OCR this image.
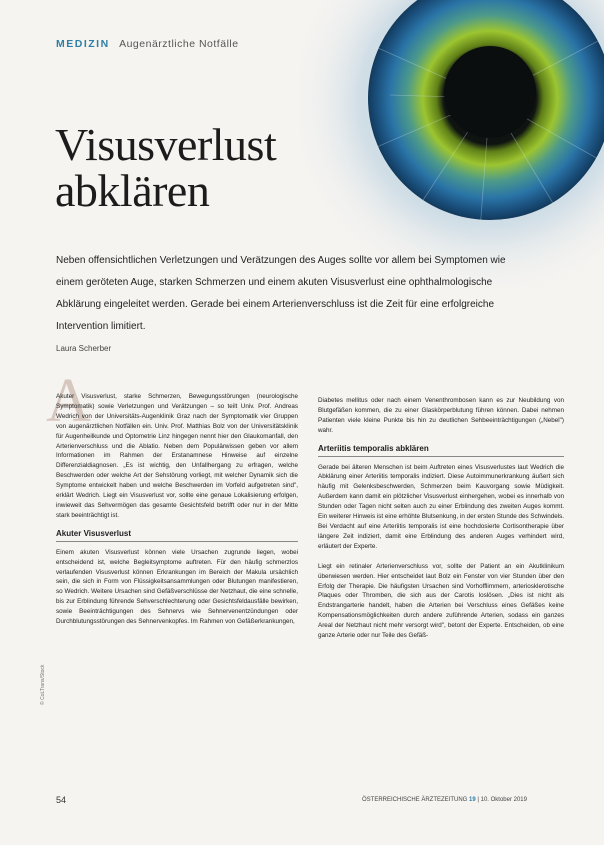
MEDIZIN Augenärztliche Notfälle
Visusverlust
abklären
Neben offensichtlichen Verletzungen und Verätzungen des Auges sollte vor allem bei Symptomen wie einem geröteten Auge, starken Schmerzen und einem akuten Visusverlust eine ophthalmologische Abklärung eingeleitet werden. Gerade bei einem Arterienverschluss ist die Zeit für eine erfolgreiche Intervention limitiert.
Laura Scherber
A

Akuter Visusverlust, starke Schmerzen, Bewegungsstörungen (neurologische Symptomatik) sowie Verletzungen und Verätzungen – so teilt Univ. Prof. Andreas Wedrich von der Universitäts-Augenklinik Graz nach der Symptomatik vier Gruppen von augenärztlichen Notfällen ein. Univ. Prof. Matthias Bolz von der Universitätsklinik für Augenheilkunde und Optometrie Linz hingegen nennt hier den Glaukomanfall, den Arterienverschluss und die Ablatio. Neben dem Populärwissen geben vor allem Informationen im Rahmen der Erstanamnese Hinweise auf einzelne Differenzialdiagnosen. „Es ist wichtig, den Unfallhergang zu erfragen, welche Beschwerden oder welche Art der Sehstörung vorliegt, mit welcher Dynamik sich die Symptome entwickelt haben und welche Beschwerden im Vorfeld aufgetreten sind", erklärt Wedrich. Liegt ein Visusverlust vor, sollte eine genaue Lokalisierung erfolgen, inwieweit das Sehvermögen das gesamte Gesichtsfeld betrifft oder nur in der Mitte stark beeinträchtigt ist.

Akuter Visusverlust

Einem akuten Visusverlust können viele Ursachen zugrunde liegen, wobei entscheidend ist, welche Begleitsymptome auftreten. Für den häufig schmerzlos verlaufenden Visusverlust können Erkrankungen im Bereich der Makula ursächlich sein, die sich in Form von Flüssigkeitsansammlungen oder Blutungen manifestieren, so Wedrich. Weitere Ursachen sind Gefäßverschlüsse der Netzhaut, die eine schnelle, bis zur Erblindung führende Sehverschlechterung oder Gesichtsfeldausfälle bewirken, sowie Beeinträchtigungen des Sehnervs wie Sehnervenentzündungen oder Durchblutungsstörungen des Sehnervenkopfes. Im Rahmen von Gefäßerkrankungen,

Diabetes mellitus oder nach einem Venenthrombosen kann es zur Neubildung von Blutgefäßen kommen, die zu einer Glaskörperblutung führen können. Dabei nehmen Patienten viele kleine Punkte bis hin zu deutlichen Sehbeeinträchtigungen („Nebel") wahr.

Arteriitis temporalis abklären

Gerade bei älteren Menschen ist beim Auftreten eines Visusverlustes laut Wedrich die Abklärung einer Arteriitis temporalis indiziert. Diese Autoimmunerkrankung äußert sich häufig mit Gelenksbeschwerden, Schmerzen beim Kauvorgang sowie Müdigkeit. Außerdem kann damit ein plötzlicher Visusverlust einhergehen, wobei es innerhalb von Stunden oder Tagen nicht selten auch zu einer Erblindung des zweiten Auges kommt. Ein weiterer Hinweis ist eine erhöhte Blutsenkung, in der ersten Stunde des Schwindels. Bei Verdacht auf eine Arteriitis temporalis ist eine hochdosierte Cortisontherapie über längere Zeit indiziert, damit eine Erblindung des anderen Auges verhindert wird, erläutert der Experte.

Liegt ein retinaler Arterienverschluss vor, sollte der Patient an ein Akutklinikum überwiesen werden. Hier entscheidet laut Bolz ein Fenster von vier Stunden über den Erfolg der Therapie. Die häufigsten Ursachen sind Vorhofflimmern, arteriosklerotische Plaques oder Thromben, die sich aus der Carotis loslösen. „Dies ist nicht als Endstrangarterie handelt, haben die Arterien bei Verschluss eines Gefäßes keine Kompensationsmöglichkeiten durch andere zuführende Arterien, sodass ein ganzes Areal der Netzhaut nicht mehr versorgt wird", betont der Experte. Entscheiden, ob eine ganze Arterie oder nur Teile des Gefäß-

© CoLTrans/Stock
54	ÖSTERREICHISCHE ÄRZTEZEITUNG 19 | 10. Oktober 2019
